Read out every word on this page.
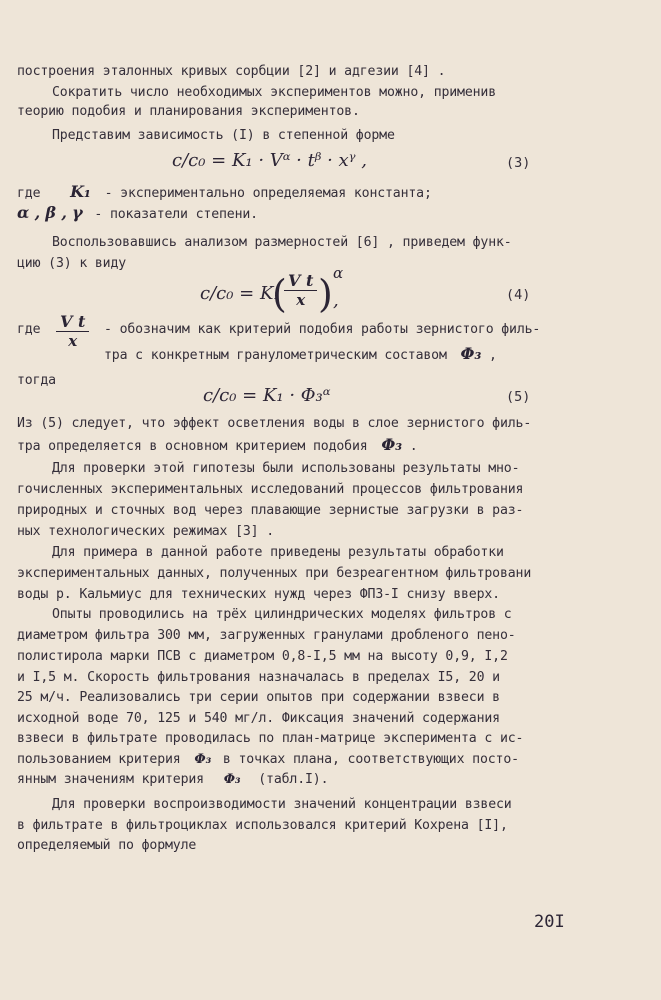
построения эталонных кривых сорбции [2] и адгезии [4] .
Сократить число необходимых экспериментов можно, применив
теорию подобия и планирования экспериментов.
Представим зависимость (I) в степенной форме
c/c₀ = K₁ · Vᵅ · tᵝ · xᵞ ,	(3)
где K₁ - экспериментально определяемая константа;
α , β , γ - показатели степени.
Воспользовавшись анализом размерностей [6] , приведем функ-
цию (3) к виду
c/c₀ = K₁
(
$\frac{\text{V t}}{x}$ ) α
,	(4)
где $\frac{\text{V t}}{x}$ - обозначим как критерий подобия работы зернистого филь-
тра с конкретным гранулометрическим составом Φ₃ ,
тогда
c/c₀ = K₁ · Φ₃ᵅ	(5)
Из (5) следует, что эффект осветления воды в слое зернистого филь-
тра определяется в основном критерием подобия Φ₃ .
Для проверки этой гипотезы были использованы результаты мно-
гочисленных экспериментальных исследований процессов фильтрования
природных и сточных вод через плавающие зернистые загрузки в раз-
ных технологических режимах [3] .
Для примера в данной работе приведены результаты обработки
экспериментальных данных, полученных при безреагентном фильтровани
воды р. Кальмиус для технических нужд через ФПЗ-I снизу вверх.
Опыты проводились на трёх цилиндрических моделях фильтров с
диаметром фильтра 300 мм, загруженных гранулами дробленого пено-
полистирола марки ПСВ с диаметром 0,8-I,5 мм на высоту 0,9, I,2
и I,5 м. Скорость фильтрования назначалась в пределах I5, 20 и
25 м/ч. Реализовались три серии опытов при содержании взвеси в
исходной воде 70, 125 и 540 мг/л. Фиксация значений содержания
взвеси в фильтрате проводилась по план-матрице эксперимента с ис-
пользованием критерия Φ₃ в точках плана, соответствующих посто-
янным значениям критерия Φ₃ (табл.I).
Для проверки воспроизводимости значений концентрации взвеси
в фильтрате в фильтроциклах использовался критерий Кохрена [I],
определяемый по формуле
20I
